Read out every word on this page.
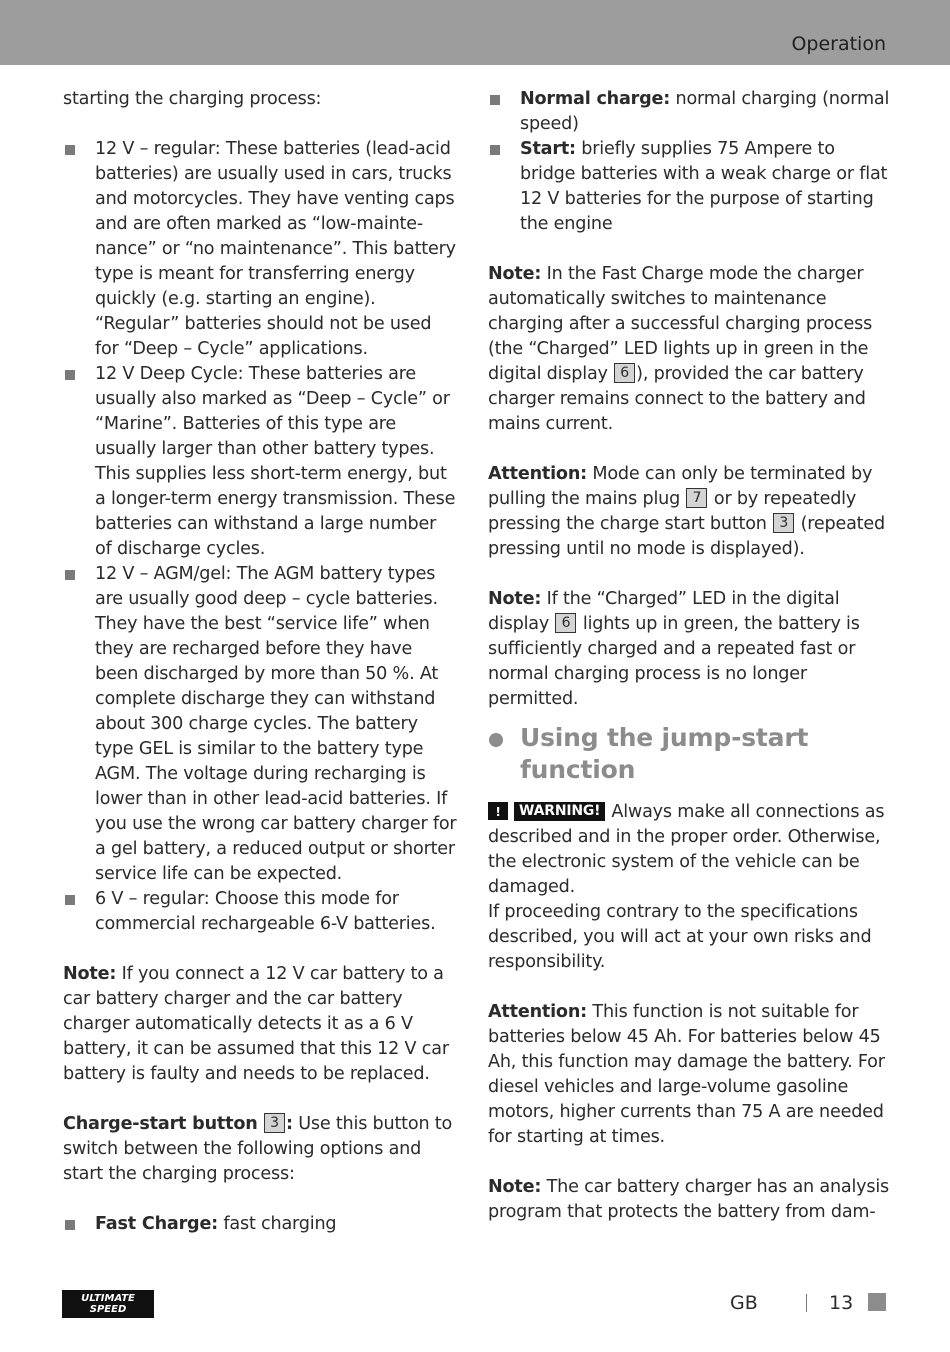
Operation

starting the charging process:

12 V – regular: These batteries (lead-acid batteries) are usually used in cars, trucks and motorcycles. They have venting caps and are often marked as “low-maintenance” or “no maintenance”. This battery type is meant for transferring energy quickly (e.g. starting an engine). “Regular” batteries should not be used for “Deep – Cycle” applications.
12 V Deep Cycle: These batteries are usually also marked as “Deep – Cycle” or “Marine”. Batteries of this type are usually larger than other battery types. This supplies less short-term energy, but a longer-term energy transmission. These batteries can withstand a large number of discharge cycles.
12 V – AGM/gel: The AGM battery types are usually good deep – cycle batteries. They have the best “service life” when they are recharged before they have been discharged by more than 50 %. At complete discharge they can withstand about 300 charge cycles. The battery type GEL is similar to the battery type AGM. The voltage during recharging is lower than in other lead-acid batteries. If you use the wrong car battery charger for a gel battery, a reduced output or shorter service life can be expected.
6 V – regular: Choose this mode for commercial rechargeable 6-V batteries.

Note: If you connect a 12 V car battery to a car battery charger and the car battery charger automatically detects it as a 6 V battery, it can be assumed that this 12 V car battery is faulty and needs to be replaced.

Charge-start button 3 : Use this button to switch between the following options and start the charging process:

Fast Charge: fast charging
Normal charge: normal charging (normal speed)
Start: briefly supplies 75 Ampere to bridge batteries with a weak charge or flat 12 V batteries for the purpose of starting the engine

Note: In the Fast Charge mode the charger automatically switches to maintenance charging after a successful charging process (the “Charged” LED lights up in green in the digital display 6 ), provided the car battery charger remains connect to the battery and mains current.

Attention: Mode can only be terminated by pulling the mains plug 7 or by repeatedly pressing the charge start button 3 (repeated pressing until no mode is displayed).

Note: If the “Charged” LED in the digital display 6 lights up in green, the battery is sufficiently charged and a repeated fast or normal charging process is no longer permitted.

Using the jump-start function

!	WARNING! Always make all connections as described and in the proper order. Otherwise, the electronic system of the vehicle can be damaged.

If proceeding contrary to the specifications described, you will act at your own risks and responsibility.

Attention: This function is not suitable for batteries below 45 Ah. For batteries below 45 Ah, this function may damage the battery. For diesel vehicles and large-volume gasoline motors, higher currents than 75 A are needed for starting at times.

Note: The car battery charger has an analysis program that protects the battery from dam-

ULTIMATE
SPEED	GB	13
